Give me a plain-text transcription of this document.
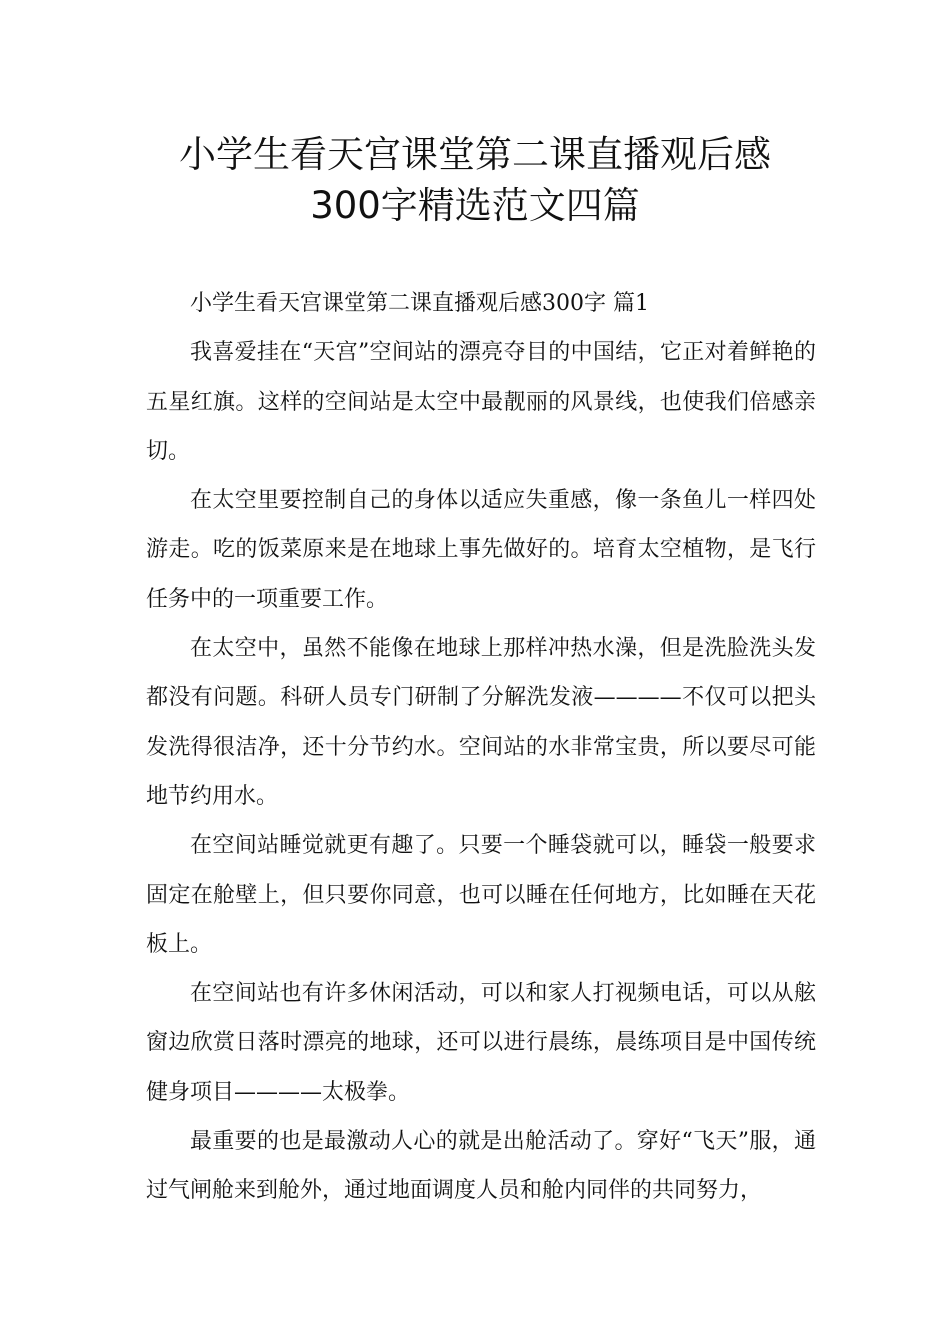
小学生看天宫课堂第二课直播观后感
300字精选范文四篇

小学生看天宫课堂第二课直播观后感300字 篇1

我喜爱挂在“天宫”空间站的漂亮夺目的中国结，它正对着鲜艳的五星红旗。这样的空间站是太空中最靓丽的风景线，也使我们倍感亲切。

在太空里要控制自己的身体以适应失重感，像一条鱼儿一样四处游走。吃的饭菜原来是在地球上事先做好的。培育太空植物，是飞行任务中的一项重要工作。

在太空中，虽然不能像在地球上那样冲热水澡，但是洗脸洗头发都没有问题。科研人员专门研制了分解洗发液————不仅可以把头发洗得很洁净，还十分节约水。空间站的水非常宝贵，所以要尽可能地节约用水。

在空间站睡觉就更有趣了。只要一个睡袋就可以，睡袋一般要求固定在舱壁上，但只要你同意，也可以睡在任何地方，比如睡在天花板上。

在空间站也有许多休闲活动，可以和家人打视频电话，可以从舷窗边欣赏日落时漂亮的地球，还可以进行晨练，晨练项目是中国传统健身项目————太极拳。

最重要的也是最激动人心的就是出舱活动了。穿好“飞天”服，通过气闸舱来到舱外，通过地面调度人员和舱内同伴的共同努力，
